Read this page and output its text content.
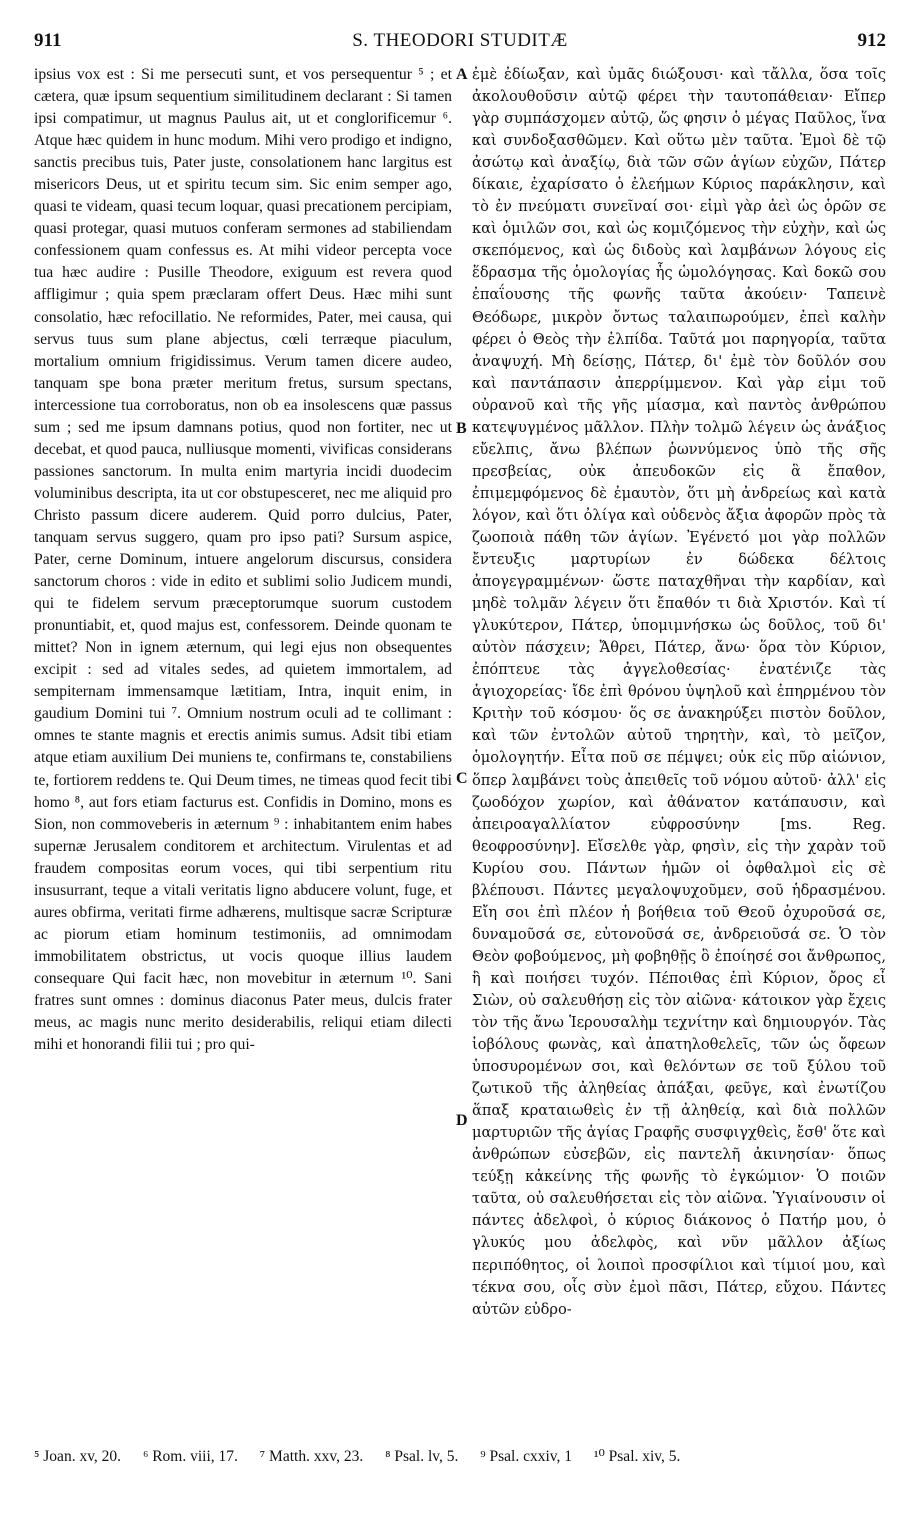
911	S. THEODORI STUDITÆ	912

ipsius vox est : Si me persecuti sunt, et vos persequentur ⁵ ; et cætera, quæ ipsum sequentium similitudinem declarant : Si tamen ipsi compatimur, ut magnus Paulus ait, ut et conglorificemur ⁶. Atque hæc quidem in hunc modum. Mihi vero prodigo et indigno, sanctis precibus tuis, Pater juste, consolationem hanc largitus est misericors Deus, ut et spiritu tecum sim. Sic enim semper ago, quasi te videam, quasi tecum loquar, quasi precationem percipiam, quasi protegar, quasi mutuos conferam sermones ad stabiliendam confessionem quam confessus es. At mihi videor percepta voce tua hæc audire : Pusille Theodore, exiguum est revera quod affligimur ; quia spem præclaram offert Deus. Hæc mihi sunt consolatio, hæc refocillatio. Ne reformides, Pater, mei causa, qui servus tuus sum plane abjectus, cœli terræque piaculum, mortalium omnium frigidissimus. Verum tamen dicere audeo, tanquam spe bona præter meritum fretus, sursum spectans, intercessione tua corroboratus, non ob ea insolescens quæ passus sum ; sed me ipsum damnans potius, quod non fortiter, nec ut decebat, et quod pauca, nulliusque momenti, vivificas considerans passiones sanctorum. In multa enim martyria incidi duodecim voluminibus descripta, ita ut cor obstupesceret, nec me aliquid pro Christo passum dicere auderem. Quid porro dulcius, Pater, tanquam servus suggero, quam pro ipso pati? Sursum aspice, Pater, cerne Dominum, intuere angelorum discursus, considera sanctorum choros : vide in edito et sublimi solio Judicem mundi, qui te fidelem servum præceptorumque suorum custodem pronuntiabit, et, quod majus est, confessorem. Deinde quonam te mittet? Non in ignem æternum, qui legi ejus non obsequentes excipit : sed ad vitales sedes, ad quietem immortalem, ad sempiternam immensamque lætitiam, Intra, inquit enim, in gaudium Domini tui ⁷. Omnium nostrum oculi ad te collimant : omnes te stante magnis et erectis animis sumus. Adsit tibi etiam atque etiam auxilium Dei muniens te, confirmans te, constabiliens te, fortiorem reddens te. Qui Deum times, ne timeas quod fecit tibi homo ⁸, aut fors etiam facturus est. Confidis in Domino, mons es Sion, non commoveberis in æternum ⁹ : inhabitantem enim habes supernæ Jerusalem conditorem et architectum. Virulentas et ad fraudem compositas eorum voces, qui tibi serpentium ritu insusurrant, teque a vitali veritatis ligno abducere volunt, fuge, et aures obfirma, veritati firme adhærens, multisque sacræ Scripturæ ac piorum etiam hominum testimoniis, ad omnimodam immobilitatem obstrictus, ut vocis quoque illius laudem consequare Qui facit hæc, non movebitur in æternum ¹⁰. Sani fratres sunt omnes : dominus diaconus Pater meus, dulcis frater meus, ac magis nunc merito desiderabilis, reliqui etiam dilecti mihi et honorandi filii tui ; pro qui-

A
B
C
D

ἐμὲ ἐδίωξαν, καὶ ὑμᾶς διώξουσι· καὶ τἄλλα, ὅσα τοῖς ἀκολουθοῦσιν αὐτῷ φέρει τὴν ταυτοπάθειαν· Εἴπερ γὰρ συμπάσχομεν αὐτῷ, ὥς φησιν ὁ μέγας Παῦλος, ἵνα καὶ συνδοξασθῶμεν. Καὶ οὕτω μὲν ταῦτα. Ἐμοὶ δὲ τῷ ἀσώτῳ καὶ ἀναξίῳ, διὰ τῶν σῶν ἁγίων εὐχῶν, Πάτερ δίκαιε, ἐχαρίσατο ὁ ἐλεήμων Κύριος παράκλησιν, καὶ τὸ ἐν πνεύματι συνεῖναί σοι· εἰμὶ γὰρ ἀεὶ ὡς ὁρῶν σε καὶ ὁμιλῶν σοι, καὶ ὡς κομιζόμενος τὴν εὐχὴν, καὶ ὡς σκεπόμενος, καὶ ὡς διδοὺς καὶ λαμβάνων λόγους εἰς ἕδρασμα τῆς ὁμολογίας ἧς ὡμολόγησας. Καὶ δοκῶ σου ἐπαΐουσης τῆς φωνῆς ταῦτα ἀκούειν· Ταπεινὲ Θεόδωρε, μικρὸν ὄντως ταλαιπωρούμεν, ἐπεὶ καλὴν φέρει ὁ Θεὸς τὴν ἐλπίδα. Ταῦτά μοι παρηγορία, ταῦτα ἀναψυχή. Μὴ δείσῃς, Πάτερ, δι' ἐμὲ τὸν δοῦλόν σου καὶ παντάπασιν ἀπερρίμμενον. Καὶ γὰρ εἰμι τοῦ οὐρανοῦ καὶ τῆς γῆς μίασμα, καὶ παντὸς ἀνθρώπου κατεψυγμένος μᾶλλον. Πλὴν τολμῶ λέγειν ὡς ἀνάξιος εὔελπις, ἄνω βλέπων ῥωννύμενος ὑπὸ τῆς σῆς πρεσβείας, οὐκ ἀπευδοκῶν εἰς ἃ ἔπαθον, ἐπιμεμφόμενος δὲ ἐμαυτὸν, ὅτι μὴ ἀνδρείως καὶ κατὰ λόγον, καὶ ὅτι ὀλίγα καὶ οὐδενὸς ἄξια ἀφορῶν πρὸς τὰ ζωοποιὰ πάθη τῶν ἁγίων. Ἐγένετό μοι γὰρ πολλῶν ἔντευξις μαρτυρίων ἐν δώδεκα δέλτοις ἀπογεγραμμένων· ὥστε παταχθῆναι τὴν καρδίαν, καὶ μηδὲ τολμᾶν λέγειν ὅτι ἔπαθόν τι διὰ Χριστόν. Καὶ τί γλυκύτερον, Πάτερ, ὑπομιμνήσκω ὡς δοῦλος, τοῦ δι' αὐτὸν πάσχειν; Ἄθρει, Πάτερ, ἄνω· ὅρα τὸν Κύριον, ἐπόπτευε τὰς ἀγγελοθεσίας· ἐνατένιζε τὰς ἁγιοχορείας· ἴδε ἐπὶ θρόνου ὑψηλοῦ καὶ ἐπηρμένου τὸν Κριτὴν τοῦ κόσμου· ὅς σε ἀνακηρύξει πιστὸν δοῦλον, καὶ τῶν ἐντολῶν αὐτοῦ τηρητὴν, καὶ, τὸ μεῖζον, ὁμολογητήν. Εἶτα ποῦ σε πέμψει; οὐκ εἰς πῦρ αἰώνιον, ὅπερ λαμβάνει τοὺς ἀπειθεῖς τοῦ νόμου αὐτοῦ· ἀλλ' εἰς ζωοδόχον χωρίον, καὶ ἀθάνατον κατάπαυσιν, καὶ ἀπειροαγαλλίατον εὐφροσύνην [ms. Reg. θεοφροσύνην]. Εἴσελθε γὰρ, φησὶν, εἰς τὴν χαρὰν τοῦ Κυρίου σου. Πάντων ἡμῶν οἱ ὀφθαλμοὶ εἰς σὲ βλέπουσι. Πάντες μεγαλοψυχοῦμεν, σοῦ ἡδρασμένου. Εἴη σοι ἐπὶ πλέον ἡ βοήθεια τοῦ Θεοῦ ὀχυροῦσά σε, δυναμοῦσά σε, εὐτονοῦσά σε, ἀνδρειοῦσά σε. Ὁ τὸν Θεὸν φοβούμενος, μὴ φοβηθῇς ὃ ἐποίησέ σοι ἄνθρωπος, ἢ καὶ ποιήσει τυχόν. Πέποιθας ἐπὶ Κύριον, ὄρος εἶ Σιὼν, οὐ σαλευθήσῃ εἰς τὸν αἰῶνα· κάτοικον γὰρ ἔχεις τὸν τῆς ἄνω Ἱερουσαλὴμ τεχνίτην καὶ δημιουργόν. Τὰς ἰοβόλους φωνὰς, καὶ ἀπατηλοθελεῖς, τῶν ὡς ὄφεων ὑποσυρομένων σοι, καὶ θελόντων σε τοῦ ξύλου τοῦ ζωτικοῦ τῆς ἀληθείας ἀπάξαι, φεῦγε, καὶ ἐνωτίζου ἅπαξ κραταιωθεὶς ἐν τῇ ἀληθείᾳ, καὶ διὰ πολλῶν μαρτυριῶν τῆς ἁγίας Γραφῆς συσφιγχθεὶς, ἔσθ' ὅτε καὶ ἀνθρώπων εὐσεβῶν, εἰς παντελῆ ἀκινησίαν· ὅπως τεύξῃ κἀκείνης τῆς φωνῆς τὸ ἐγκώμιον· Ὁ ποιῶν ταῦτα, οὐ σαλευθήσεται εἰς τὸν αἰῶνα. Ὑγιαίνουσιν οἱ πάντες ἀδελφοὶ, ὁ κύριος διάκονος ὁ Πατήρ μου, ὁ γλυκύς μου ἀδελφὸς, καὶ νῦν μᾶλλον ἀξίως περιπόθητος, οἱ λοιποὶ προσφίλιοι καὶ τίμιοί μου, καὶ τέκνα σου, οἷς σὺν ἐμοὶ πᾶσι, Πάτερ, εὔχου. Πάντες αὐτῶν εὐδρο-

⁵ Joan. xv, 20. ⁶ Rom. viii, 17. ⁷ Matth. xxv, 23. ⁸ Psal. lv, 5. ⁹ Psal. cxxiv, 1 ¹⁰ Psal. xiv, 5.
